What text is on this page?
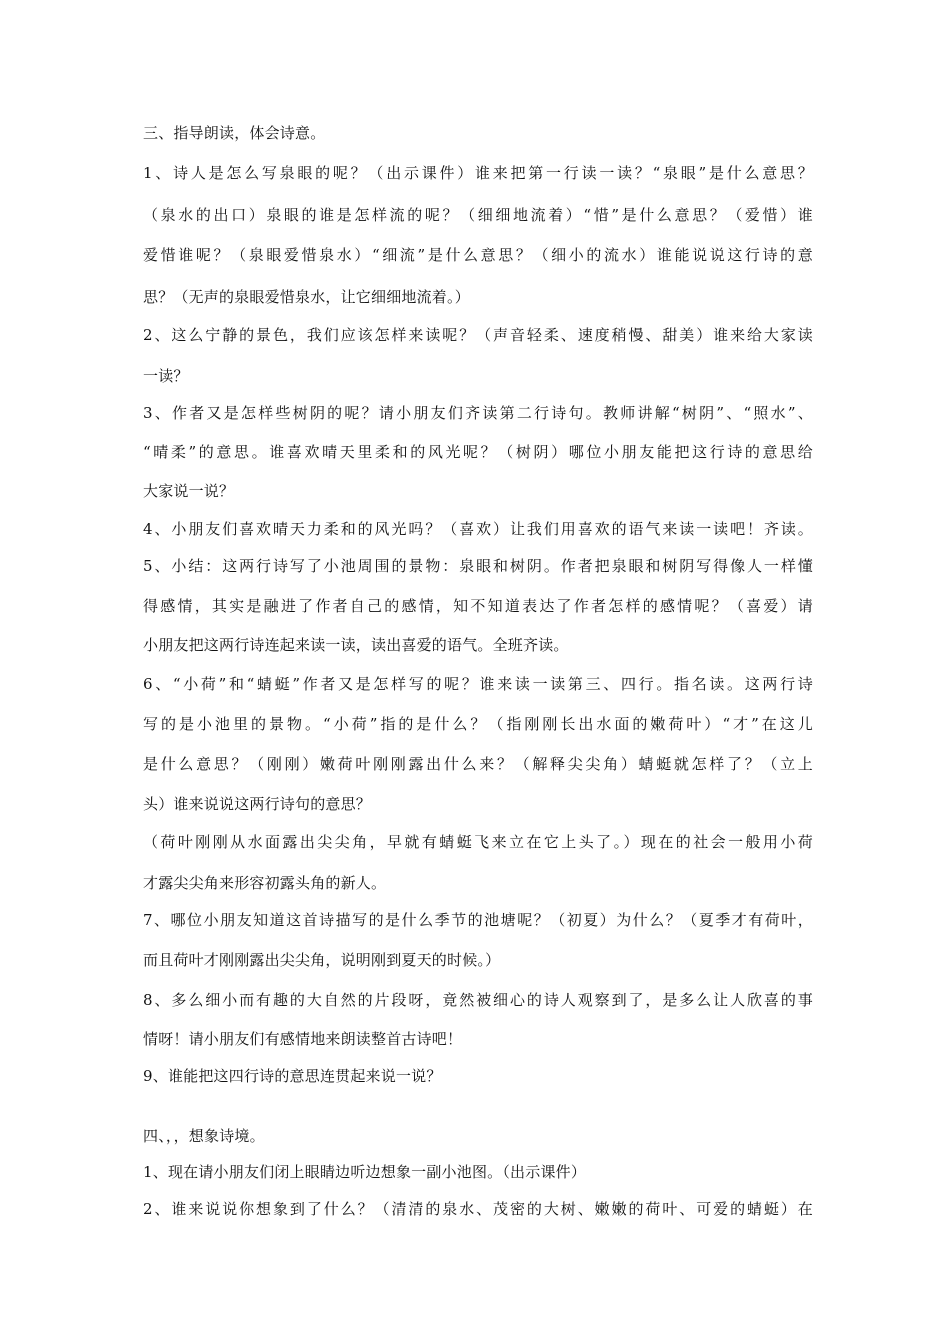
三、指导朗读，体会诗意。
1、诗人是怎么写泉眼的呢？（出示课件）谁来把第一行读一读？“泉眼”是什么意思？
（泉水的出口）泉眼的谁是怎样流的呢？（细细地流着）“惜”是什么意思？（爱惜）谁
爱惜谁呢？（泉眼爱惜泉水）“细流”是什么意思？（细小的流水）谁能说说这行诗的意
思？（无声的泉眼爱惜泉水，让它细细地流着。）
2、这么宁静的景色，我们应该怎样来读呢？（声音轻柔、速度稍慢、甜美）谁来给大家读
一读？
3、作者又是怎样些树阴的呢？请小朋友们齐读第二行诗句。教师讲解“树阴”、“照水”、
“晴柔”的意思。谁喜欢晴天里柔和的风光呢？（树阴）哪位小朋友能把这行诗的意思给
大家说一说？
4、小朋友们喜欢晴天力柔和的风光吗？（喜欢）让我们用喜欢的语气来读一读吧！齐读。
5、小结：这两行诗写了小池周围的景物：泉眼和树阴。作者把泉眼和树阴写得像人一样懂
得感情，其实是融进了作者自己的感情，知不知道表达了作者怎样的感情呢？（喜爱）请
小朋友把这两行诗连起来读一读，读出喜爱的语气。全班齐读。
6、“小荷”和“蜻蜓”作者又是怎样写的呢？谁来读一读第三、四行。指名读。这两行诗
写的是小池里的景物。“小荷”指的是什么？（指刚刚长出水面的嫩荷叶）“才”在这儿
是什么意思？（刚刚）嫩荷叶刚刚露出什么来？（解释尖尖角）蜻蜓就怎样了？（立上
头）谁来说说这两行诗句的意思？
（荷叶刚刚从水面露出尖尖角，早就有蜻蜓飞来立在它上头了。）现在的社会一般用小荷
才露尖尖角来形容初露头角的新人。
7、哪位小朋友知道这首诗描写的是什么季节的池塘呢？（初夏）为什么？（夏季才有荷叶，
而且荷叶才刚刚露出尖尖角，说明刚到夏天的时候。）
8、多么细小而有趣的大自然的片段呀，竟然被细心的诗人观察到了，是多么让人欣喜的事
情呀！请小朋友们有感情地来朗读整首古诗吧！
9、谁能把这四行诗的意思连贯起来说一说？
四、，，想象诗境。
1、现在请小朋友们闭上眼睛边听边想象一副小池图。（出示课件）
2、谁来说说你想象到了什么？（清清的泉水、茂密的大树、嫩嫩的荷叶、可爱的蜻蜓）在
